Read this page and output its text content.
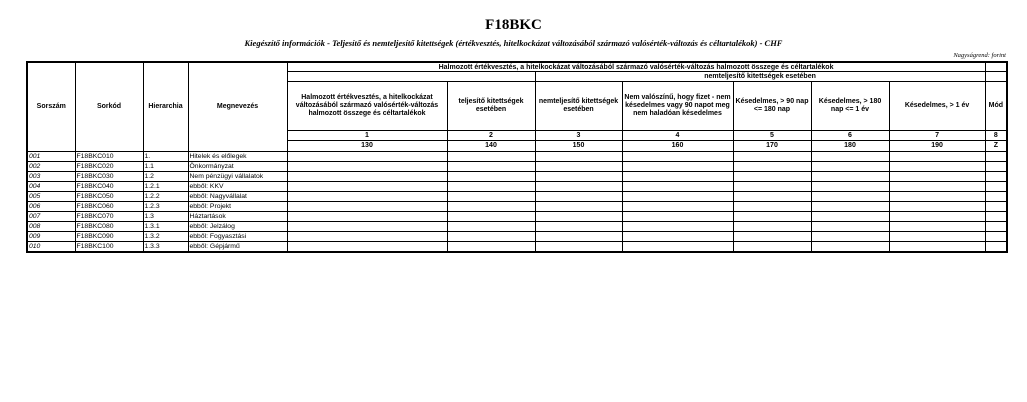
F18BKC
Kiegészítő információk - Teljesítő és nemteljesítő kitettségek (értékvesztés, hitelkockázat változásából származó valósérték-változás és céltartalékok) - CHF
Nagyságrend: forint
Sorszám	Sorkód	Hierarchia	Megnevezés	Halmozott értékvesztés, a hitelkockázat változásából származó valósérték-változás halmozott összege és céltartalékok							
						nemteljesítő kitettségek esetében					
				Halmozott értékvesztés, a hitelkockázat változásából származó valósérték-változás halmozott összege és céltartalékok	teljesítő kitettségek esetében	nemteljesítő kitettségek esetében	Nem valószínű, hogy fizet - nem késedelmes vagy 90 napot meg nem haladóan késedelmes	Késedelmes, > 90 nap <= 180 nap	Késedelmes, > 180 nap <= 1 év	Késedelmes, > 1 év	Mód
				1	2	3	4	5	6	7	8
				130	140	150	160	170	180	190	Z
001	F18BKC010	1.	Hitelek és előlegek								
002	F18BKC020	1.1	Önkormányzat								
003	F18BKC030	1.2	Nem pénzügyi vállalatok								
004	F18BKC040	1.2.1	ebből: KKV								
005	F18BKC050	1.2.2	ebből: Nagyvállalat								
006	F18BKC060	1.2.3	ebből: Projekt								
007	F18BKC070	1.3	Háztartások								
008	F18BKC080	1.3.1	ebből: Jelzálog								
009	F18BKC090	1.3.2	ebből: Fogyasztási								
010	F18BKC100	1.3.3	ebből: Gépjármű								
